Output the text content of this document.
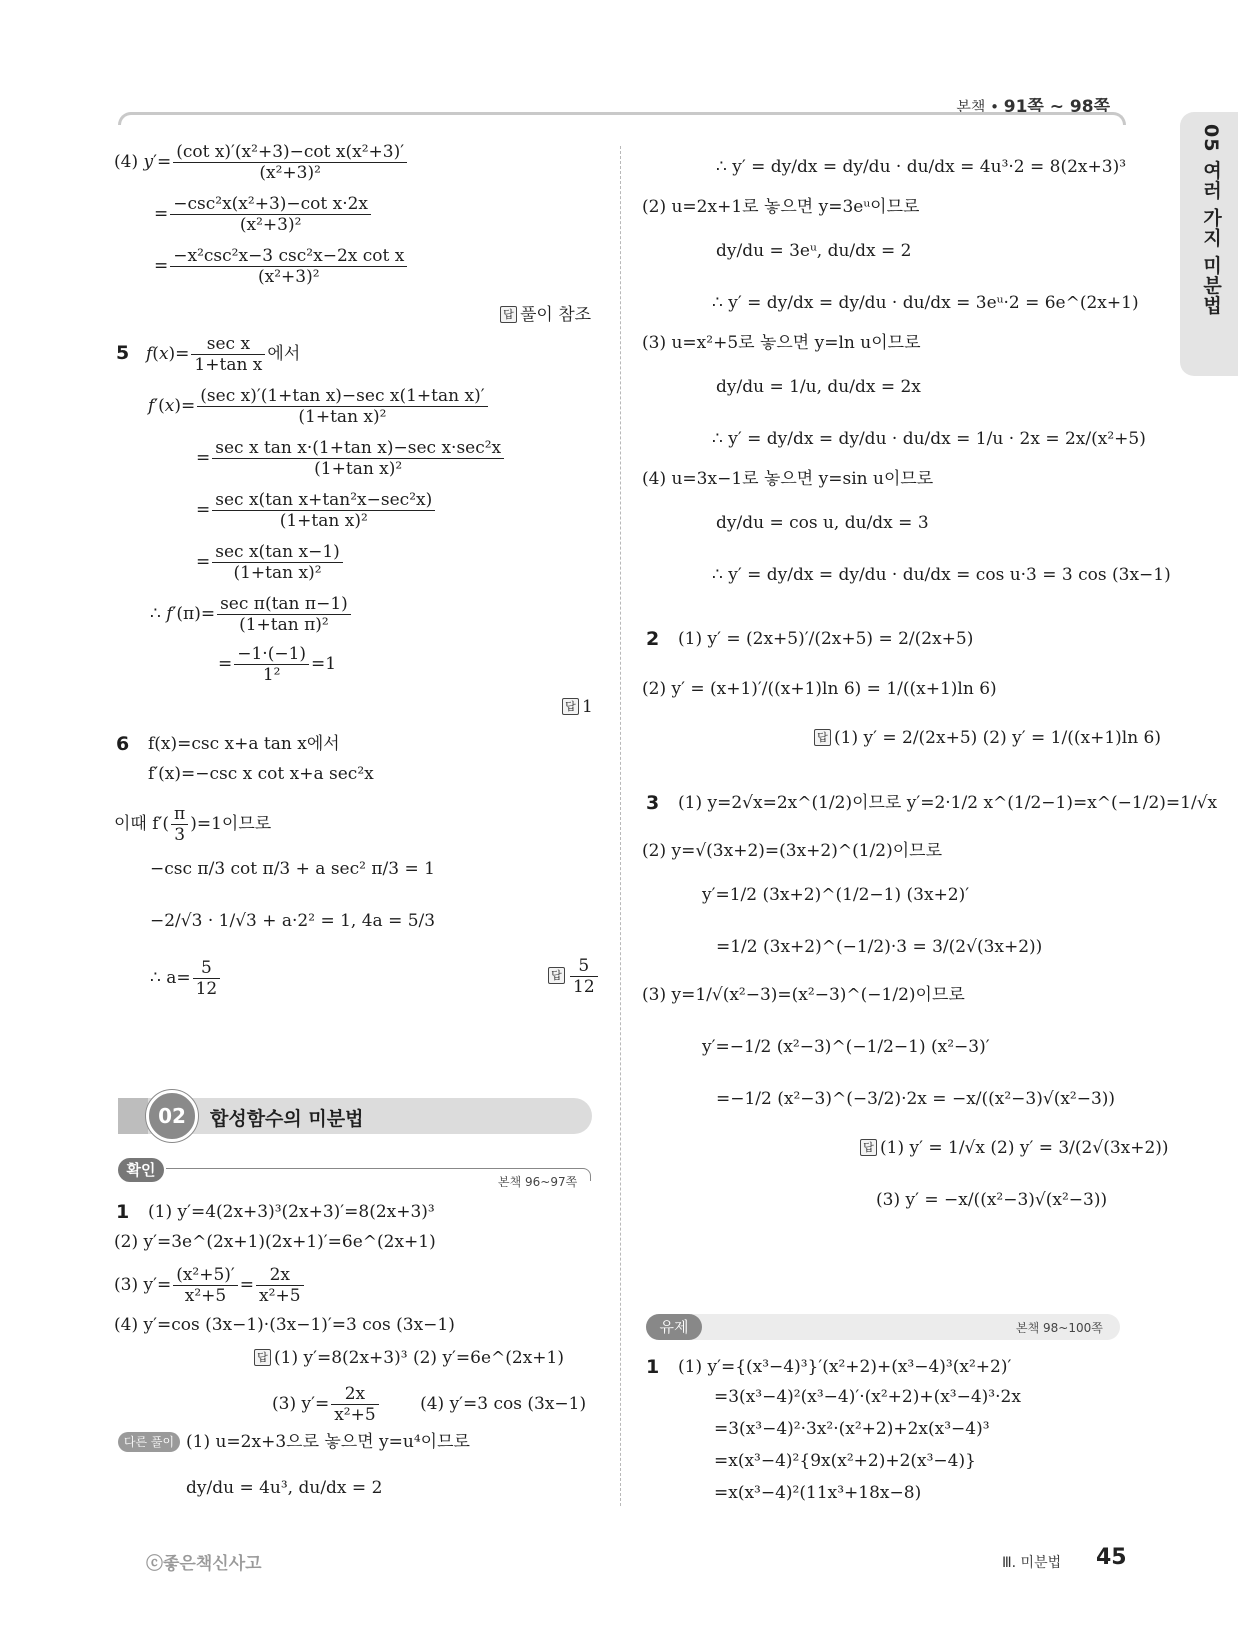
본책 • 91쪽 ~ 98쪽
05 여러 가지 미분법
(4) $y'= \frac{\text{(cot x)′(x²+3)−cot x(x²+3)′}}{\text{(x²+3)²}}$
= $\frac{\text{−csc²x(x²+3)−cot x·2x}}{\text{(x²+3)²}}$
= $\frac{\text{−x²csc²x−3 csc²x−2x cot x}}{\text{(x²+3)²}}$
답 풀이 참조
5 $f(x)= \frac{\text{sec x}}{\text{1+tan x}}$ 에서
$f'(x)= \frac{\text{(sec x)′(1+tan x)−sec x(1+tan x)′}}{\text{(1+tan x)²}}$
= $\frac{\text{sec x tan x·(1+tan x)−sec x·sec²x}}{\text{(1+tan x)²}}$
= $\frac{\text{sec x(tan x+tan²x−sec²x)}}{\text{(1+tan x)²}}$
= $\frac{\text{sec x(tan x−1)}}{\text{(1+tan x)²}}$
∴ $f'(\pi)= \frac{\text{sec π(tan π−1)}}{\text{(1+tan π)²}}$
= $\frac{-1\cdot(-1)}{\text{1²}} =1$
답 1
6 f(x)=csc x+a tan x에서
f′(x)=−csc x cot x+a sec²x
이때 $f'( \frac{\pi}{3} )=1$이므로
−csc π/3 cot π/3 + a sec² π/3 = 1
−2/√3 · 1/√3 + a·2² = 1, 4a = 5/3
∴ $a= \frac{5}{12}$	답 $\frac{5}{12}$
02	합성함수의 미분법
확인
본책 96~97쪽
1 (1) y′=4(2x+3)³(2x+3)′=8(2x+3)³
(2) y′=3e^(2x+1)(2x+1)′=6e^(2x+1)
(3) $y'= \frac{\text{(x²+5)′}}{\text{x²+5}} = \frac{2x}{\text{x²+5}}$
(4) y′=cos (3x−1)·(3x−1)′=3 cos (3x−1)
답 (1) y′=8(2x+3)³ (2) y′=6e^(2x+1)
(3) $y'= \frac{2x}{\text{x²+5}} (4)$ y′=3 cos (3x−1)
다른 풀이 (1) u=2x+3으로 놓으면 y=u⁴이므로
dy/du = 4u³, du/dx = 2
∴ y′ = dy/dx = dy/du · du/dx = 4u³·2 = 8(2x+3)³
(2) u=2x+1로 놓으면 y=3eᵘ이므로
dy/du = 3eᵘ, du/dx = 2
∴ y′ = dy/dx = dy/du · du/dx = 3eᵘ·2 = 6e^(2x+1)
(3) u=x²+5로 놓으면 y=ln u이므로
dy/du = 1/u, du/dx = 2x
∴ y′ = dy/dx = dy/du · du/dx = 1/u · 2x = 2x/(x²+5)
(4) u=3x−1로 놓으면 y=sin u이므로
dy/du = cos u, du/dx = 3
∴ y′ = dy/dx = dy/du · du/dx = cos u·3 = 3 cos (3x−1)
2 (1) y′ = (2x+5)′/(2x+5) = 2/(2x+5)
(2) y′ = (x+1)′/((x+1)ln 6) = 1/((x+1)ln 6)
답 (1) y′ = 2/(2x+5) (2) y′ = 1/((x+1)ln 6)
3 (1) y=2√x=2x^(1/2)이므로 y′=2·1/2 x^(1/2−1)=x^(−1/2)=1/√x
(2) y=√(3x+2)=(3x+2)^(1/2)이므로
y′=1/2 (3x+2)^(1/2−1) (3x+2)′
=1/2 (3x+2)^(−1/2)·3 = 3/(2√(3x+2))
(3) y=1/√(x²−3)=(x²−3)^(−1/2)이므로
y′=−1/2 (x²−3)^(−1/2−1) (x²−3)′
=−1/2 (x²−3)^(−3/2)·2x = −x/((x²−3)√(x²−3))
답 (1) y′ = 1/√x (2) y′ = 3/(2√(3x+2))
(3) y′ = −x/((x²−3)√(x²−3))
유제	본책 98~100쪽
1 (1) y′={(x³−4)³}′(x²+2)+(x³−4)³(x²+2)′
=3(x³−4)²(x³−4)′·(x²+2)+(x³−4)³·2x
=3(x³−4)²·3x²·(x²+2)+2x(x³−4)³
=x(x³−4)²{9x(x²+2)+2(x³−4)}
=x(x³−4)²(11x³+18x−8)
ⓒ좋은책신사고	Ⅲ. 미분법 45
